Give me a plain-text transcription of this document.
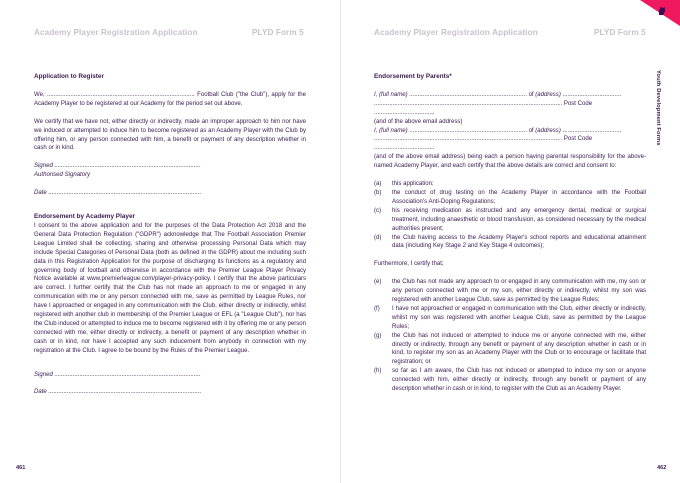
Academy Player Registration Application	PLYD Form 5	Academy Player Registration Application	PLYD Form 5

Application to Register

We, ........................................................................................ Football Club ("the Club"), apply for the Academy Player to be registered at our Academy for the period set out above.

We certify that we have not, either directly or indirectly, made an improper approach to him nor have we induced or attempted to induce him to become registered as an Academy Player with the Club by offering him, or any person connected with him, a benefit or payment of any description whether in cash or in kind.

Signed .......................................................................................

Authorised Signatory

Date ...........................................................................................

Endorsement by Academy Player

I consent to the above application and for the purposes of the Data Protection Act 2018 and the General Data Protection Regulation ("GDPR") acknowledge that The Football Association Premier League Limited shall be collecting, sharing and otherwise processing Personal Data which may include Special Categories of Personal Data (both as defined in the GDPR) about me including such data in this Registration Application for the purpose of discharging its functions as a regulatory and governing body of football and otherwise in accordance with the Premier League Player Privacy Notice available at www.premierleague.com/player-privacy-policy. I certify that the above particulars are correct. I further certify that the Club has not made an approach to me or engaged in any communication with me or any person connected with me, save as permitted by League Rules, nor have I approached or engaged in any communication with the Club, either directly or indirectly, whilst registered with another club in membership of the Premier League or EFL (a "League Club"), nor has the Club induced or attempted to induce me to become registered with it by offering me or any person connected with me, either directly or indirectly, a benefit or payment of any description whether in cash or in kind, nor have I accepted any such inducement from anybody in connection with my registration at the Club. I agree to be bound by the Rules of the Premier League.

Signed .......................................................................................

Date ...........................................................................................

Endorsement by Parents*

I, (full name) ...................................................................... of (address) ...................................

................................................................................................................ Post Code ....................................

(and of the above email address)

I, (full name) ...................................................................... of (address) ...................................

................................................................................................................ Post Code ....................................

(and of the above email address) being each a person having parental responsibility for the above-named Academy Player, and each certify that the above details are correct and consent to:

(a)	this application;
(b)	the conduct of drug testing on the Academy Player in accordance with the Football Association's Anti-Doping Regulations;
(c)	his receiving medication as instructed and any emergency dental, medical or surgical treatment, including anaesthetic or blood transfusion, as considered necessary by the medical authorities present;
(d)	the Club having access to the Academy Player's school reports and educational attainment data (including Key Stage 2 and Key Stage 4 outcomes);

Furthermore, I certify that;

(e)	the Club has not made any approach to or engaged in any communication with me, my son or any person connected with me or my son, either directly or indirectly, whilst my son was registered with another League Club, save as permitted by the League Rules;
(f)	I have not approached or engaged in communication with the Club, either directly or indirectly, whilst my son was registered with another League Club, save as permitted by the League Rules;
(g)	the Club has not induced or attempted to induce me or anyone connected with me, either directly or indirectly, through any benefit or payment of any description whether in cash or in kind, to register my son as an Academy Player with the Club or to encourage or facilitate that registration; or
(h)	so far as I am aware, the Club has not induced or attempted to induce my son or anyone connected with him, either directly or indirectly, through any benefit or payment of any description whether in cash or in kind, to register with the Club as an Academy Player.
Youth Development Forms
461	462
